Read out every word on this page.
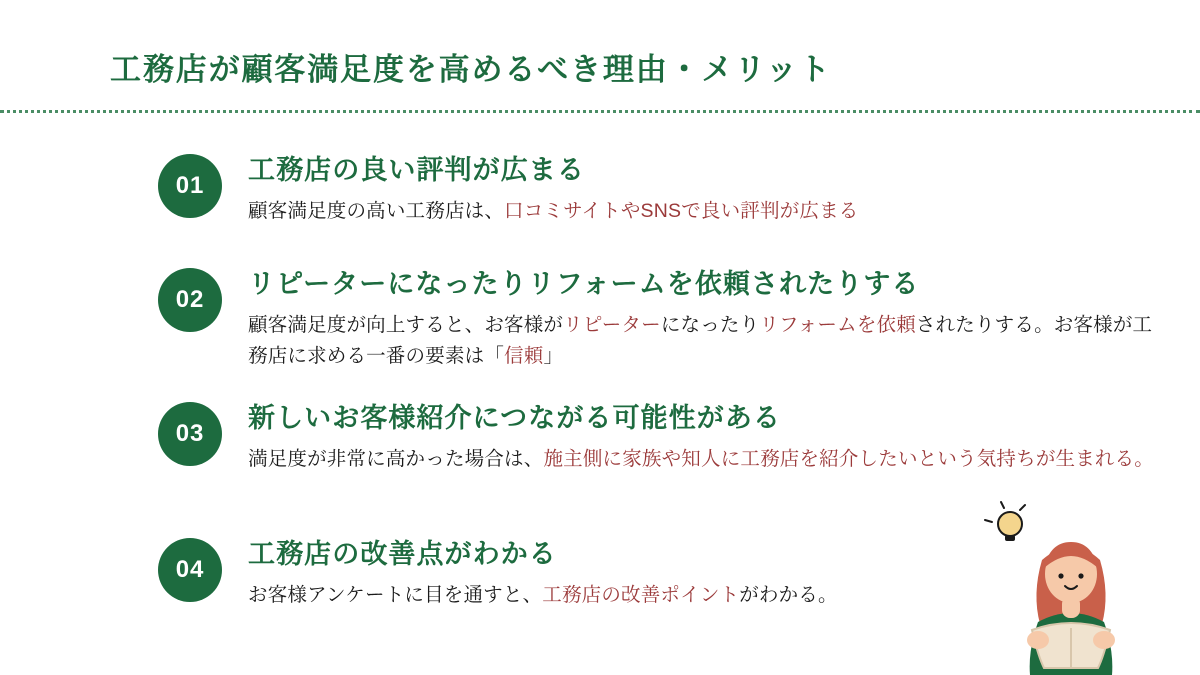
工務店が顧客満足度を高めるべき理由・メリット
01
工務店の良い評判が広まる
顧客満足度の高い工務店は、口コミサイトやSNSで良い評判が広まる
02
リピーターになったりリフォームを依頼されたりする
顧客満足度が向上すると、お客様がリピーターになったりリフォームを依頼されたりする。お客様が工務店に求める一番の要素は「信頼」
03
新しいお客様紹介につながる可能性がある
満足度が非常に高かった場合は、施主側に家族や知人に工務店を紹介したいという気持ちが生まれる。
04
工務店の改善点がわかる
お客様アンケートに目を通すと、工務店の改善ポイントがわかる。
